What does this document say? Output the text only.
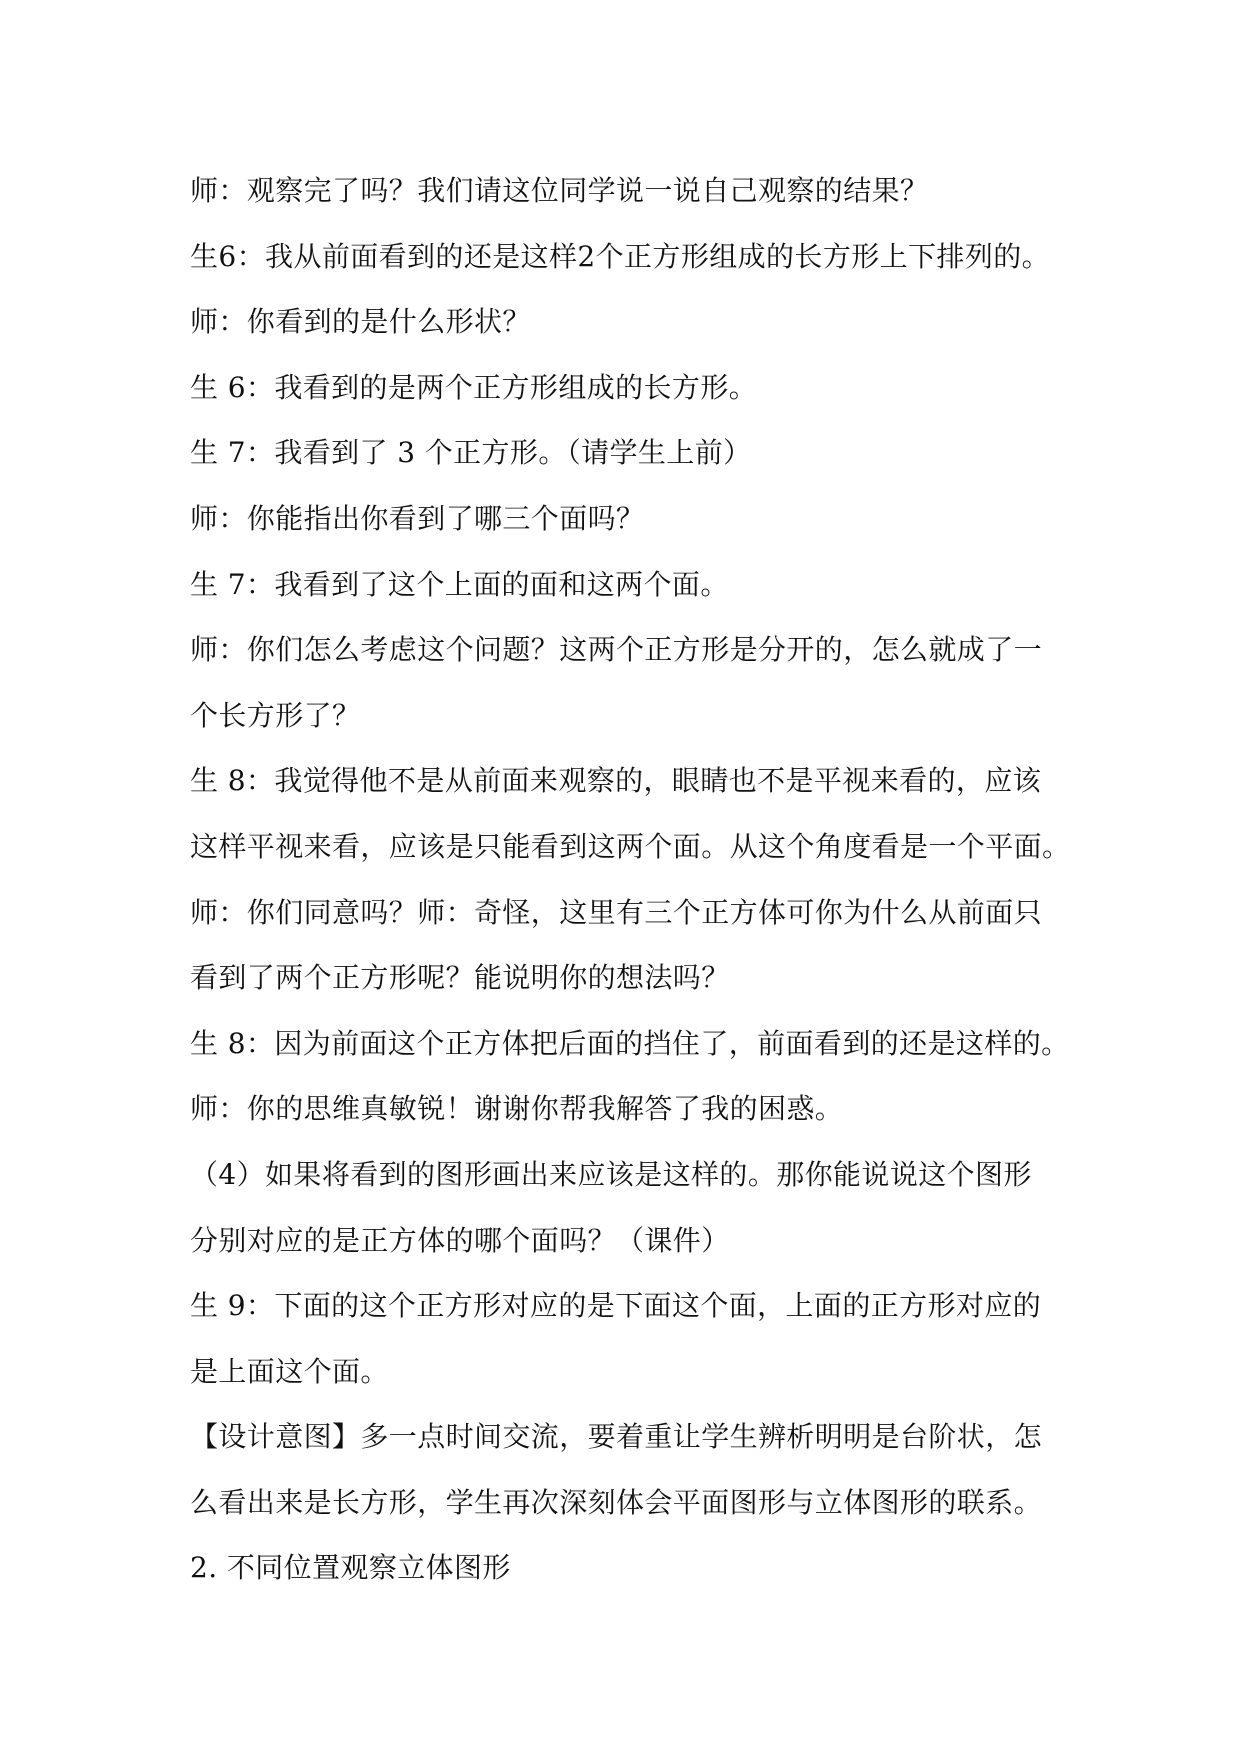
师：观察完了吗？我们请这位同学说一说自己观察的结果？
生6：我从前面看到的还是这样2个正方形组成的长方形上下排列的。
师：你看到的是什么形状？
生 6：我看到的是两个正方形组成的长方形。
生 7：我看到了 3 个正方形。（请学生上前）
师：你能指出你看到了哪三个面吗？
生 7：我看到了这个上面的面和这两个面。
师：你们怎么考虑这个问题？这两个正方形是分开的，怎么就成了一
个长方形了？
生 8：我觉得他不是从前面来观察的，眼睛也不是平视来看的，应该
这样平视来看，应该是只能看到这两个面。从这个角度看是一个平面。
师：你们同意吗？师：奇怪，这里有三个正方体可你为什么从前面只
看到了两个正方形呢？能说明你的想法吗？
生 8：因为前面这个正方体把后面的挡住了，前面看到的还是这样的。
师：你的思维真敏锐！谢谢你帮我解答了我的困惑。
（4）如果将看到的图形画出来应该是这样的。那你能说说这个图形
分别对应的是正方体的哪个面吗？（课件）
生 9：下面的这个正方形对应的是下面这个面，上面的正方形对应的
是上面这个面。
【设计意图】多一点时间交流，要着重让学生辨析明明是台阶状，怎
么看出来是长方形，学生再次深刻体会平面图形与立体图形的联系。
2. 不同位置观察立体图形
